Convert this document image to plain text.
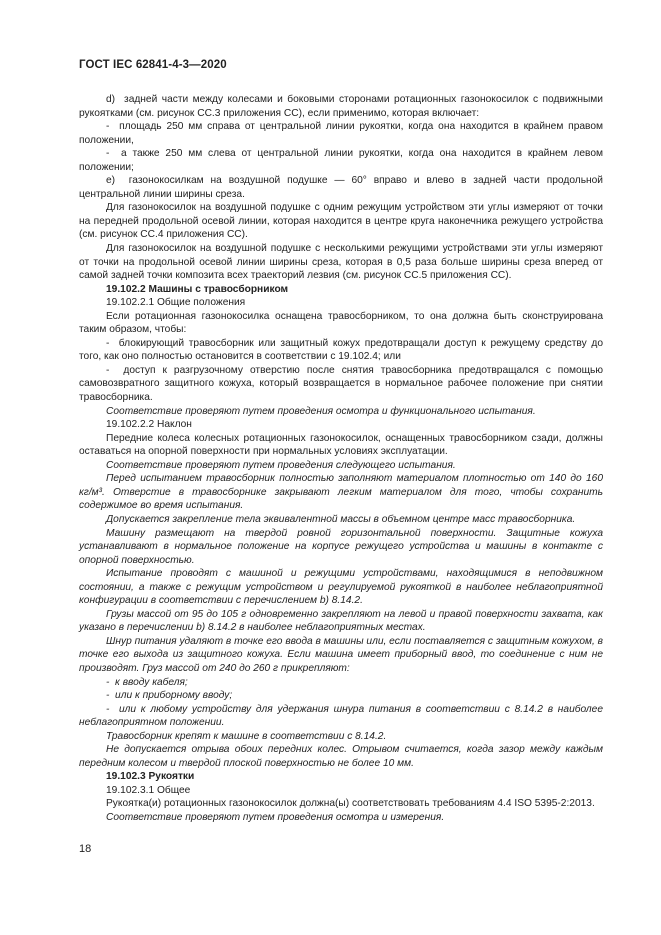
ГОСТ IEC 62841-4-3—2020

d)  задней части между колесами и боковыми сторонами ротационных газонокосилок с подвижными рукоятками (см. рисунок СС.3 приложения СС), если применимо, которая включает:

-  площадь 250 мм справа от центральной линии рукоятки, когда она находится в крайнем правом положении,

-  а также 250 мм слева от центральной линии рукоятки, когда она находится в крайнем левом положении;

е)  газонокосилкам на воздушной подушке — 60° вправо и влево в задней части продольной центральной линии ширины среза.

Для газонокосилок на воздушной подушке с одним режущим устройством эти углы измеряют от точки на передней продольной осевой линии, которая находится в центре круга наконечника режущего устройства (см. рисунок СС.4 приложения СС).

Для газонокосилок на воздушной подушке с несколькими режущими устройствами эти углы измеряют от точки на продольной осевой линии ширины среза, которая в 0,5 раза больше ширины среза вперед от самой задней точки композита всех траекторий лезвия (см. рисунок СС.5 приложения СС).

19.102.2 Машины с травосборником

19.102.2.1 Общие положения

Если ротационная газонокосилка оснащена травосборником, то она должна быть сконструирована таким образом, чтобы:

-  блокирующий травосборник или защитный кожух предотвращали доступ к режущему средству до того, как оно полностью остановится в соответствии с 19.102.4; или

-  доступ к разгрузочному отверстию после снятия травосборника предотвращался с помощью самовозвратного защитного кожуха, который возвращается в нормальное рабочее положение при снятии травосборника.

Соответствие проверяют путем проведения осмотра и функционального испытания.

19.102.2.2 Наклон

Передние колеса колесных ротационных газонокосилок, оснащенных травосборником сзади, должны оставаться на опорной поверхности при нормальных условиях эксплуатации.

Соответствие проверяют путем проведения следующего испытания.

Перед испытанием травосборник полностью заполняют материалом плотностью от 140 до 160 кг/м³. Отверстие в травосборнике закрывают легким материалом для того, чтобы сохранить содержимое во время испытания.

Допускается закрепление тела эквивалентной массы в объемном центре масс травосборника.

Машину размещают на твердой ровной горизонтальной поверхности. Защитные кожуха устанавливают в нормальное положение на корпусе режущего устройства и машины в контакте с опорной поверхностью.

Испытание проводят с машиной и режущими устройствами, находящимися в неподвижном состоянии, а также с режущим устройством и регулируемой рукояткой в наиболее неблагоприятной конфигурации в соответствии с перечислением b) 8.14.2.

Грузы массой от 95 до 105 г одновременно закрепляют на левой и правой поверхности захвата, как указано в перечислении b) 8.14.2 в наиболее неблагоприятных местах.

Шнур питания удаляют в точке его ввода в машины или, если поставляется с защитным кожухом, в точке его выхода из защитного кожуха. Если машина имеет приборный ввод, то соединение с ним не производят. Груз массой от 240 до 260 г прикрепляют:

-  к вводу кабеля;

-  или к приборному вводу;

-  или к любому устройству для удержания шнура питания в соответствии с 8.14.2 в наиболее неблагоприятном положении.

Травосборник крепят к машине в соответствии с 8.14.2.

Не допускается отрыва обоих передних колес. Отрывом считается, когда зазор между каждым передним колесом и твердой плоской поверхностью не более 10 мм.

19.102.3 Рукоятки

19.102.3.1 Общее

Рукоятка(и) ротационных газонокосилок должна(ы) соответствовать требованиям 4.4 ISO 5395-2:2013.

Соответствие проверяют путем проведения осмотра и измерения.

18
